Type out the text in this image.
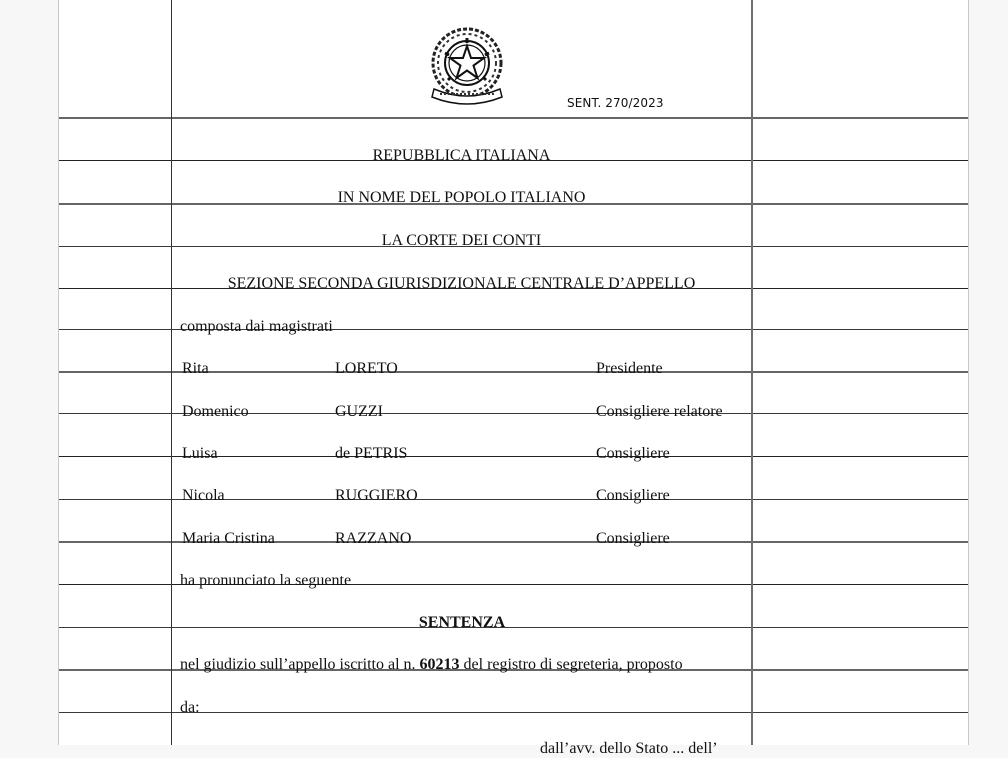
SENT. 270/2023
REPUBBLICA ITALIANA
IN NOME DEL POPOLO ITALIANO
LA CORTE DEI CONTI
SEZIONE SECONDA GIURISDIZIONALE CENTRALE D’APPELLO
composta dai magistrati
Rita	LORETO	Presidente
Domenico	GUZZI	Consigliere relatore
Luisa	de PETRIS	Consigliere
Nicola	RUGGIERO	Consigliere
Maria Cristina	RAZZANO	Consigliere
ha pronunciato la seguente
SENTENZA
nel giudizio sull’appello iscritto al n. 60213 del registro di segreteria, proposto
da:
dall’avv. dello Stato ... dell’
